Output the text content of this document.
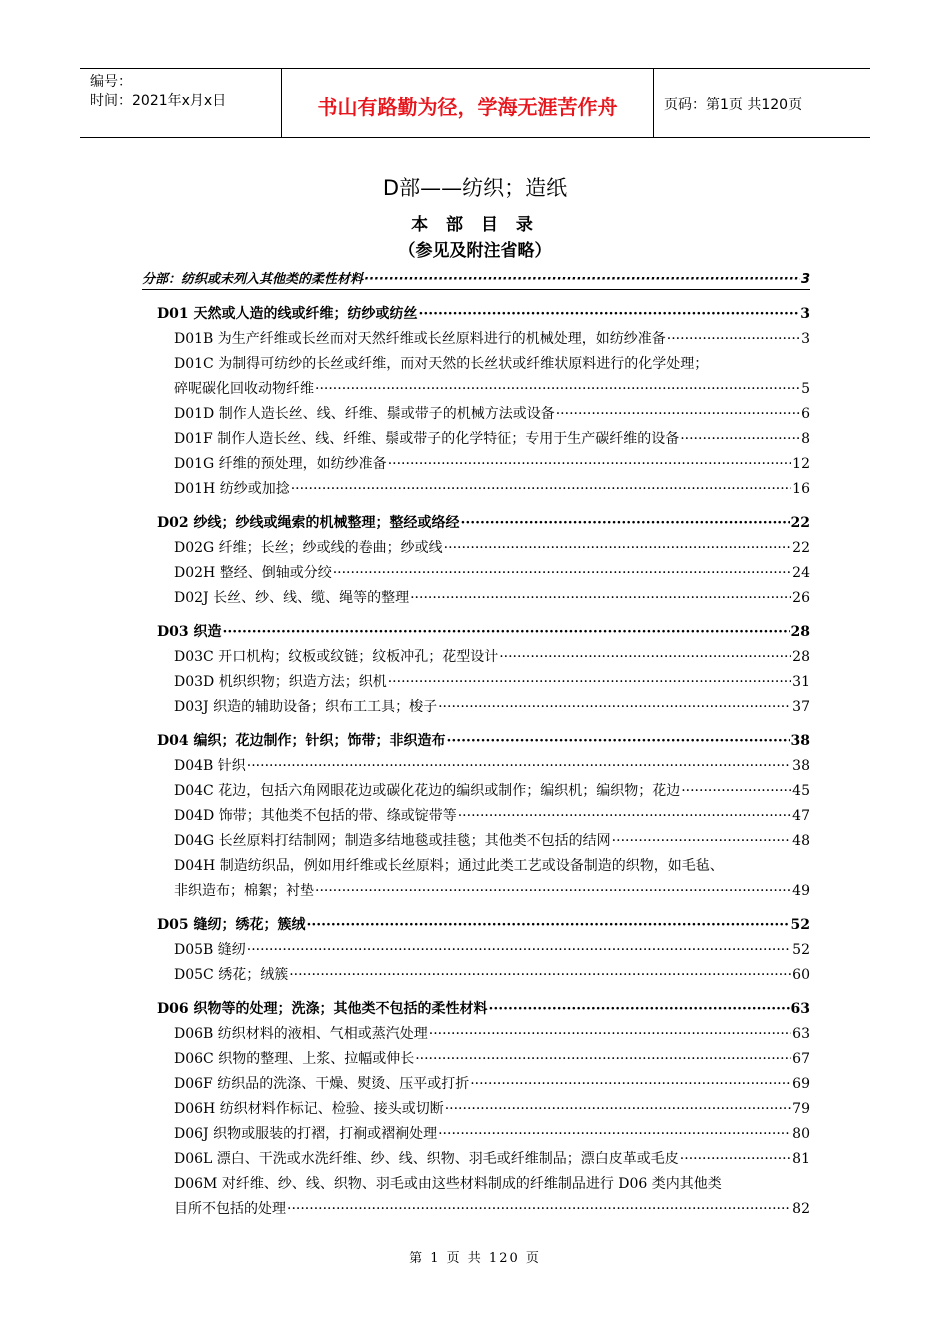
编号：
时间：2021年x月x日	书山有路勤为径，学海无涯苦作舟	页码：第1页 共120页
D部——纺织；造纸
本 部 目 录
（参见及附注省略）
分部：纺织或未列入其他类的柔性材料 ·····	3
D01 天然或人造的线或纤维；纺纱或纺丝 ·····	3
D01B 为生产纤维或长丝而对天然纤维或长丝原料进行的机械处理，如纺纱准备 ·····	3
D01C 为制得可纺纱的长丝或纤维，而对天然的长丝状或纤维状原料进行的化学处理；
碎呢碳化回收动物纤维 ·····	5
D01D 制作人造长丝、线、纤维、鬃或带子的机械方法或设备 ·····	6
D01F 制作人造长丝、线、纤维、鬃或带子的化学特征；专用于生产碳纤维的设备 ·····	8
D01G 纤维的预处理，如纺纱准备 ·····	12
D01H 纺纱或加捻 ·····	16
D02 纱线；纱线或绳索的机械整理；整经或络经 ·····	22
D02G 纤维；长丝；纱或线的卷曲；纱或线 ·····	22
D02H 整经、倒轴或分绞 ·····	24
D02J 长丝、纱、线、缆、绳等的整理 ·····	26
D03 织造 ·····	28
D03C 开口机构；纹板或纹链；纹板冲孔；花型设计 ·····	28
D03D 机织织物；织造方法；织机 ·····	31
D03J 织造的辅助设备；织布工工具；梭子 ·····	37
D04 编织；花边制作；针织；饰带；非织造布 ·····	38
D04B 针织 ·····	38
D04C 花边，包括六角网眼花边或碳化花边的编织或制作；编织机；编织物；花边 ·····	45
D04D 饰带；其他类不包括的带、绦或锭带等 ·····	47
D04G 长丝原料打结制网；制造多结地毯或挂毯；其他类不包括的结网 ·····	48
D04H 制造纺织品，例如用纤维或长丝原料；通过此类工艺或设备制造的织物，如毛毡、
非织造布；棉絮；衬垫 ·····	49
D05 缝纫；绣花；簇绒 ·····	52
D05B 缝纫 ·····	52
D05C 绣花；绒簇 ·····	60
D06 织物等的处理；洗涤；其他类不包括的柔性材料 ·····	63
D06B 纺织材料的液相、气相或蒸汽处理 ·····	63
D06C 织物的整理、上浆、拉幅或伸长 ·····	67
D06F 纺织品的洗涤、干燥、熨烫、压平或打折 ·····	69
D06H 纺织材料作标记、检验、接头或切断 ·····	79
D06J 织物或服装的打褶，打裥或褶裥处理 ·····	80
D06L 漂白、干洗或水洗纤维、纱、线、织物、羽毛或纤维制品；漂白皮革或毛皮 ·····	81
D06M 对纤维、纱、线、织物、羽毛或由这些材料制成的纤维制品进行 D06 类内其他类
目所不包括的处理 ·····	82
第 1 页 共 120 页
